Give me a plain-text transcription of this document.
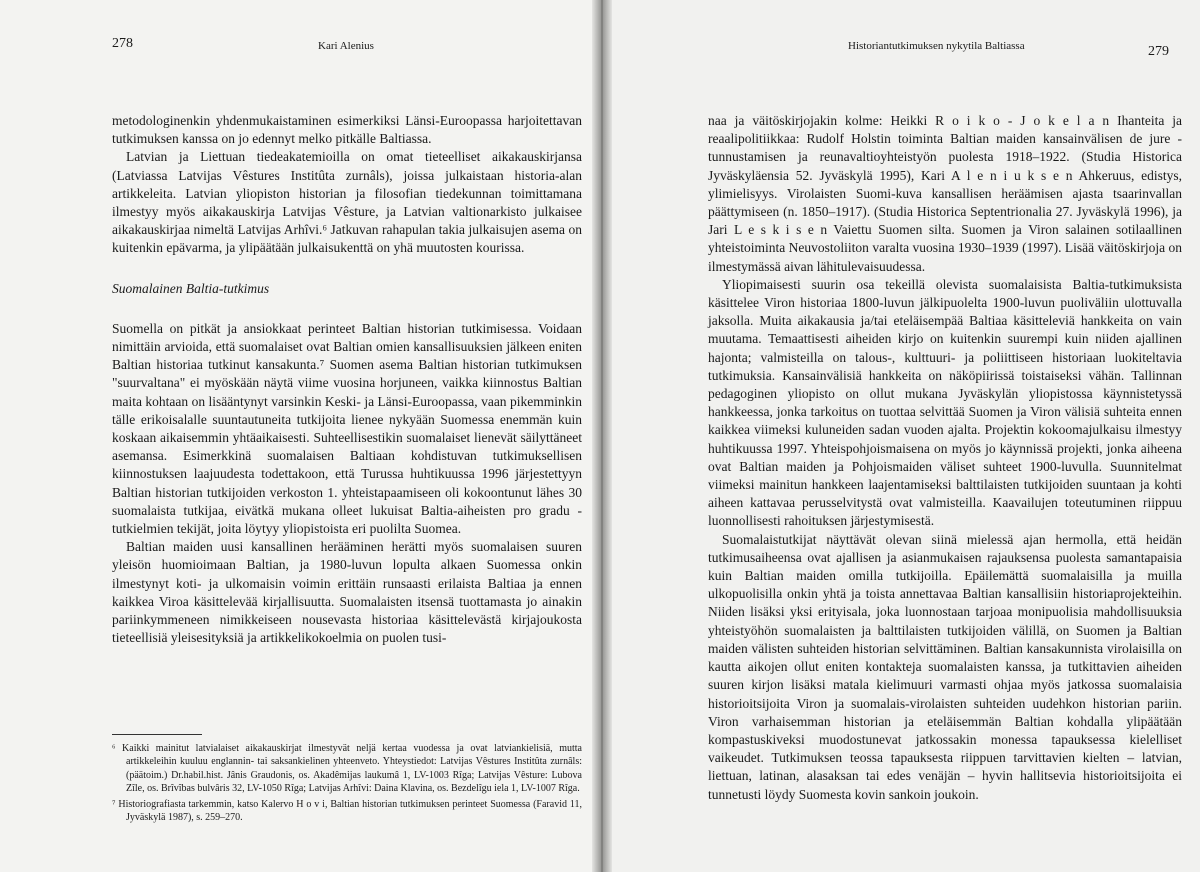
278	Kari Alenius

metodologinenkin yhdenmukaistaminen esimerkiksi Länsi-Euroopassa harjoitettavan tutkimuksen kanssa on jo edennyt melko pitkälle Baltiassa.

Latvian ja Liettuan tiedeakatemioilla on omat tieteelliset aikakauskirjansa (Latviassa Latvijas Vêstures Institûta zurnâls), joissa julkaistaan historia-alan artikkeleita. Latvian yliopiston historian ja filosofian tiedekunnan toimittamana ilmestyy myös aikakauskirja Latvijas Vêsture, ja Latvian valtionarkisto julkaisee aikakauskirjaa nimeltä Latvijas Arhîvi.⁶ Jatkuvan rahapulan takia julkaisujen asema on kuitenkin epävarma, ja ylipäätään julkaisukenttä on yhä muutosten kourissa.

Suomalainen Baltia-tutkimus

Suomella on pitkät ja ansiokkaat perinteet Baltian historian tutkimisessa. Voidaan nimittäin arvioida, että suomalaiset ovat Baltian omien kansallisuuksien jälkeen eniten Baltian historiaa tutkinut kansakunta.⁷ Suomen asema Baltian historian tutkimuksen "suurvaltana" ei myöskään näytä viime vuosina horjuneen, vaikka kiinnostus Baltian maita kohtaan on lisääntynyt varsinkin Keski- ja Länsi-Euroopassa, vaan pikemminkin tälle erikoisalalle suuntautuneita tutkijoita lienee nykyään Suomessa enemmän kuin koskaan aikaisemmin yhtäaikaisesti. Suhteellisestikin suomalaiset lienevät säilyttäneet asemansa. Esimerkkinä suomalaisen Baltiaan kohdistuvan tutkimuksellisen kiinnostuksen laajuudesta todettakoon, että Turussa huhtikuussa 1996 järjestettyyn Baltian historian tutkijoiden verkoston 1. yhteistapaamiseen oli kokoontunut lähes 30 suomalaista tutkijaa, eivätkä mukana olleet lukuisat Baltia-aiheisten pro gradu -tutkielmien tekijät, joita löytyy yliopistoista eri puolilta Suomea.

Baltian maiden uusi kansallinen herääminen herätti myös suomalaisen suuren yleisön huomioimaan Baltian, ja 1980-luvun lopulta alkaen Suomessa onkin ilmestynyt koti- ja ulkomaisin voimin erittäin runsaasti erilaista Baltiaa ja ennen kaikkea Viroa käsittelevää kirjallisuutta. Suomalaisten itsensä tuottamasta jo ainakin pariinkymmeneen nimikkeiseen nousevasta historiaa käsittelevästä kirjajoukosta tieteellisiä yleisesityksiä ja artikkelikokoelmia on puolen tusi-

⁶ Kaikki mainitut latvialaiset aikakauskirjat ilmestyvät neljä kertaa vuodessa ja ovat latviankielisiä, mutta artikkeleihin kuuluu englannin- tai saksankielinen yhteenveto. Yhteystiedot: Latvijas Vêstures Institûta zurnâls: (päätoim.) Dr.habil.hist. Jânis Graudonis, os. Akadêmijas laukumâ 1, LV-1003 Rîga; Latvijas Vêsture: Lubova Zîle, os. Brîvîbas bulvâris 32, LV-1050 Rîga; Latvijas Arhîvi: Daina Klavina, os. Bezdelîgu iela 1, LV-1007 Rîga.

⁷ Historiografiasta tarkemmin, katso Kalervo H o v i, Baltian historian tutkimuksen perinteet Suomessa (Faravid 11, Jyväskylä 1987), s. 259–270.

Historiantutkimuksen nykytila Baltiassa	279

naa ja väitöskirjojakin kolme: Heikki R o i k o - J o k e l a n Ihanteita ja reaalipolitiikkaa: Rudolf Holstin toiminta Baltian maiden kansainvälisen de jure -tunnustamisen ja reunavaltioyhteistyön puolesta 1918–1922. (Studia Historica Jyväskyläensia 52. Jyväskylä 1995), Kari A l e n i u k s e n Ahkeruus, edistys, ylimielisyys. Virolaisten Suomi-kuva kansallisen heräämisen ajasta tsaarinvallan päättymiseen (n. 1850–1917). (Studia Historica Septentrionalia 27. Jyväskylä 1996), ja Jari L e s k i s e n Vaiettu Suomen silta. Suomen ja Viron salainen sotilaallinen yhteistoiminta Neuvostoliiton varalta vuosina 1930–1939 (1997). Lisää väitöskirjoja on ilmestymässä aivan lähitulevaisuudessa.

Yliopimaisesti suurin osa tekeillä olevista suomalaisista Baltia-tutkimuksista käsittelee Viron historiaa 1800-luvun jälkipuolelta 1900-luvun puoliväliin ulottuvalla jaksolla. Muita aikakausia ja/tai eteläisempää Baltiaa käsitteleviä hankkeita on vain muutama. Temaattisesti aiheiden kirjo on kuitenkin suurempi kuin niiden ajallinen hajonta; valmisteilla on talous-, kulttuuri- ja poliittiseen historiaan luokiteltavia tutkimuksia. Kansainvälisiä hankkeita on näköpiirissä toistaiseksi vähän. Tallinnan pedagoginen yliopisto on ollut mukana Jyväskylän yliopistossa käynnistetyssä hankkeessa, jonka tarkoitus on tuottaa selvittää Suomen ja Viron välisiä suhteita ennen kaikkea viimeksi kuluneiden sadan vuoden ajalta. Projektin kokoomajulkaisu ilmestyy huhtikuussa 1997. Yhteispohjoismaisena on myös jo käynnissä projekti, jonka aiheena ovat Baltian maiden ja Pohjoismaiden väliset suhteet 1900-luvulla. Suunnitelmat viimeksi mainitun hankkeen laajentamiseksi balttilaisten tutkijoiden suuntaan ja kohti aiheen kattavaa perusselvitystä ovat valmisteilla. Kaavailujen toteutuminen riippuu luonnollisesti rahoituksen järjestymisestä.

Suomalaistutkijat näyttävät olevan siinä mielessä ajan hermolla, että heidän tutkimusaiheensa ovat ajallisen ja asianmukaisen rajauksensa puolesta samantapaisia kuin Baltian maiden omilla tutkijoilla. Epäilemättä suomalaisilla ja muilla ulkopuolisilla onkin yhtä ja toista annettavaa Baltian kansallisiin historiaprojekteihin. Niiden lisäksi yksi erityisala, joka luonnostaan tarjoaa monipuolisia mahdollisuuksia yhteistyöhön suomalaisten ja balttilaisten tutkijoiden välillä, on Suomen ja Baltian maiden välisten suhteiden historian selvittäminen. Baltian kansakunnista virolaisilla on kautta aikojen ollut eniten kontakteja suomalaisten kanssa, ja tutkittavien aiheiden suuren kirjon lisäksi matala kielimuuri varmasti ohjaa myös jatkossa suomalaisia historioitsijoita Viron ja suomalais-virolaisten suhteiden uudehkon historian pariin. Viron varhaisemman historian ja eteläisemmän Baltian kohdalla ylipäätään kompastuskiveksi muodostunevat jatkossakin monessa tapauksessa kielelliset vaikeudet. Tutkimuksen teossa tapauksesta riippuen tarvittavien kielten – latvian, liettuan, latinan, alasaksan tai edes venäjän – hyvin hallitsevia historioitsijoita ei tunnetusti löydy Suomesta kovin sankoin joukoin.
